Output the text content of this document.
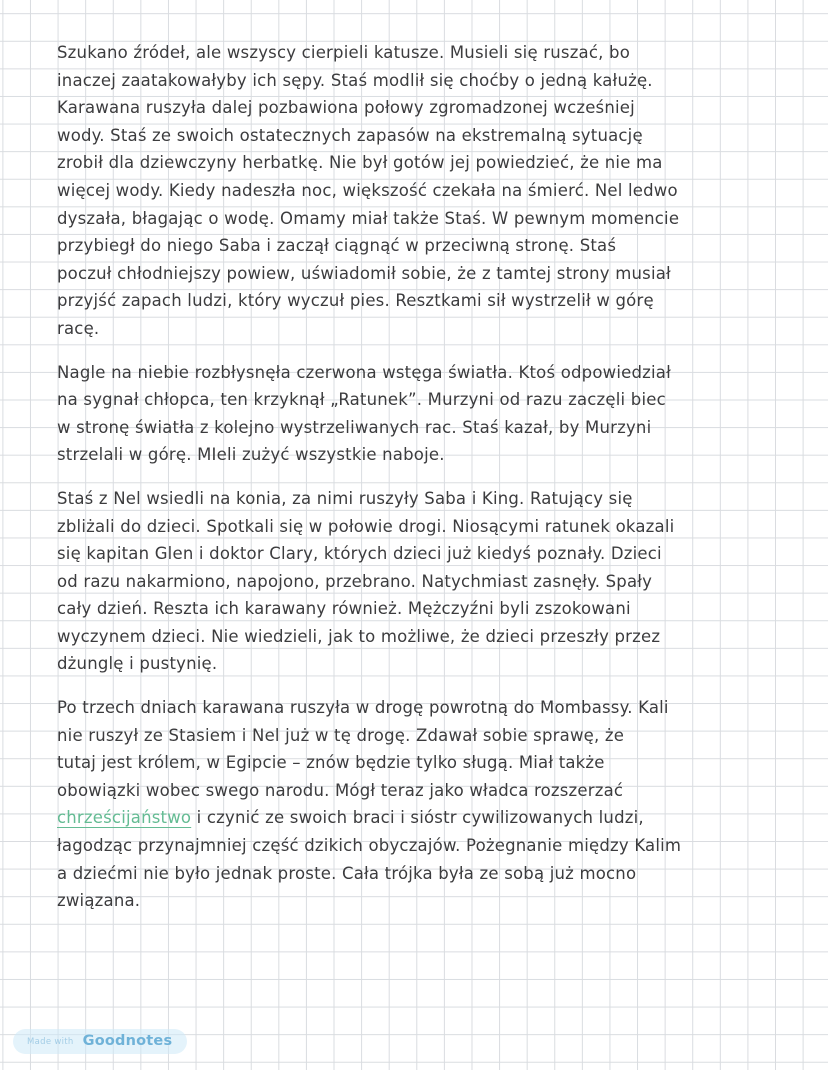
Szukano źródeł, ale wszyscy cierpieli katusze. Musieli się ruszać, bo
inaczej zaatakowałyby ich sępy. Staś modlił się choćby o jedną kałużę.
Karawana ruszyła dalej pozbawiona połowy zgromadzonej wcześniej
wody. Staś ze swoich ostatecznych zapasów na ekstremalną sytuację
zrobił dla dziewczyny herbatkę. Nie był gotów jej powiedzieć, że nie ma
więcej wody. Kiedy nadeszła noc, większość czekała na śmierć. Nel ledwo
dyszała, błagając o wodę. Omamy miał także Staś. W pewnym momencie
przybiegł do niego Saba i zaczął ciągnąć w przeciwną stronę. Staś
poczuł chłodniejszy powiew, uświadomił sobie, że z tamtej strony musiał
przyjść zapach ludzi, który wyczuł pies. Resztkami sił wystrzelił w górę
racę.
Nagle na niebie rozbłysnęła czerwona wstęga światła. Ktoś odpowiedział
na sygnał chłopca, ten krzyknął „Ratunek”. Murzyni od razu zaczęli biec
w stronę światła z kolejno wystrzeliwanych rac. Staś kazał, by Murzyni
strzelali w górę. MIeli zużyć wszystkie naboje.
Staś z Nel wsiedli na konia, za nimi ruszyły Saba i King. Ratujący się
zbliżali do dzieci. Spotkali się w połowie drogi. Niosącymi ratunek okazali
się kapitan Glen i doktor Clary, których dzieci już kiedyś poznały. Dzieci
od razu nakarmiono, napojono, przebrano. Natychmiast zasnęły. Spały
cały dzień. Reszta ich karawany również. Mężczyźni byli zszokowani
wyczynem dzieci. Nie wiedzieli, jak to możliwe, że dzieci przeszły przez
dżunglę i pustynię.
Po trzech dniach karawana ruszyła w drogę powrotną do Mombassy. Kali
nie ruszył ze Stasiem i Nel już w tę drogę. Zdawał sobie sprawę, że
tutaj jest królem, w Egipcie – znów będzie tylko sługą. Miał także
obowiązki wobec swego narodu. Mógł teraz jako władca rozszerzać
chrześcijaństwo i czynić ze swoich braci i sióstr cywilizowanych ludzi,
łagodząc przynajmniej część dzikich obyczajów. Pożegnanie między Kalim
a dziećmi nie było jednak proste. Cała trójka była ze sobą już mocno
związana.
Made with Goodnotes
